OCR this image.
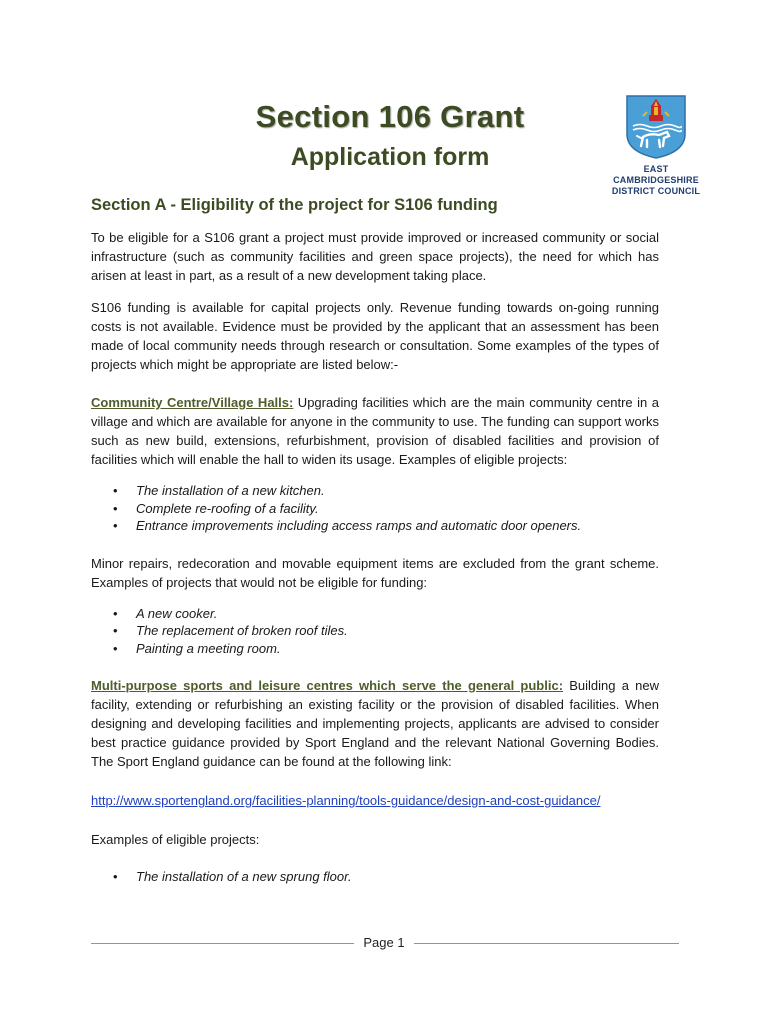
Section 106 Grant
Application form	EAST CAMBRIDGESHIRE
DISTRICT COUNCIL
Section A - Eligibility of the project for S106 funding

To be eligible for a S106 grant a project must provide improved or increased community or social infrastructure (such as community facilities and green space projects), the need for which has arisen at least in part, as a result of a new development taking place.

S106 funding is available for capital projects only. Revenue funding towards on-going running costs is not available. Evidence must be provided by the applicant that an assessment has been made of local community needs through research or consultation. Some examples of the types of projects which might be appropriate are listed below:-

Community Centre/Village Halls: Upgrading facilities which are the main community centre in a village and which are available for anyone in the community to use. The funding can support works such as new build, extensions, refurbishment, provision of disabled facilities and provision of facilities which will enable the hall to widen its usage. Examples of eligible projects:

• The installation of a new kitchen.
• Complete re-roofing of a facility.
• Entrance improvements including access ramps and automatic door openers.

Minor repairs, redecoration and movable equipment items are excluded from the grant scheme. Examples of projects that would not be eligible for funding:

• A new cooker.
• The replacement of broken roof tiles.
• Painting a meeting room.

Multi-purpose sports and leisure centres which serve the general public: Building a new facility, extending or refurbishing an existing facility or the provision of disabled facilities. When designing and developing facilities and implementing projects, applicants are advised to consider best practice guidance provided by Sport England and the relevant National Governing Bodies. The Sport England guidance can be found at the following link:

http://www.sportengland.org/facilities-planning/tools-guidance/design-and-cost-guidance/

Examples of eligible projects:

• The installation of a new sprung floor.
Page 1
